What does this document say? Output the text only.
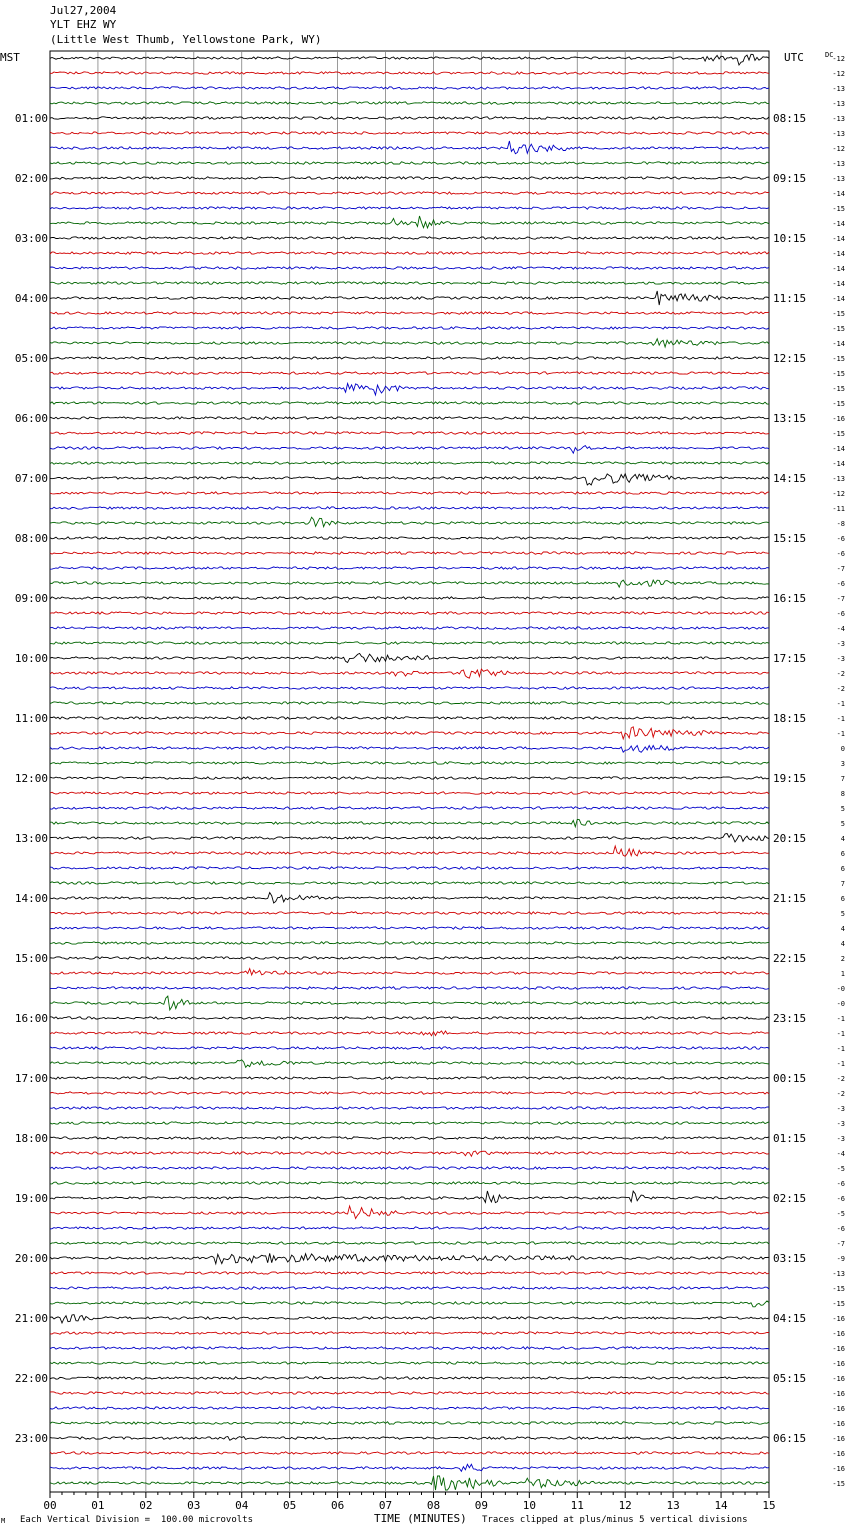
Jul27,2004
YLT EHZ WY
(Little West Thumb, Yellowstone Park, WY)
00	01	02	03	04	05	06	07	08	09	10	11	12	13	14	15
MST	UTC	DC
01:00	08:15
02:00	09:15
03:00	10:15
04:00	11:15
05:00	12:15
06:00	13:15
07:00	14:15
08:00	15:15
09:00	16:15
10:00	17:15
11:00	18:15
12:00	19:15
13:00	20:15
14:00	21:15
15:00	22:15
16:00	23:15
17:00	00:15
18:00	01:15
19:00	02:15
20:00	03:15
21:00	04:15
22:00	05:15
23:00	06:15
-12
-12
-13
-13
-13
-13
-12
-13
-13
-14
-15
-14
-14
-14
-14
-14
-14
-15
-15
-14
-15
-15
-15
-15
-16
-15
-14
-14
-13
-12
-11
-8
-6
-6
-7
-6
-7
-6
-4
-3
-3
-2
-2
-1
-1
-1
0
3
7
8
5
5
4
6
6
7
6
5
4
4
2
1
-0
-0
-1
-1
-1
-1
-2
-2
-3
-3
-3
-4
-5
-6
-6
-5
-6
-7
-9
-13
-15
-15
-16
-16
-16
-16
-16
-16
-16
-16
-16
-16
-16
-15
M Each Vertical Division =  100.00 microvolts	TIME (MINUTES) Traces clipped at plus/minus 5 vertical divisions
